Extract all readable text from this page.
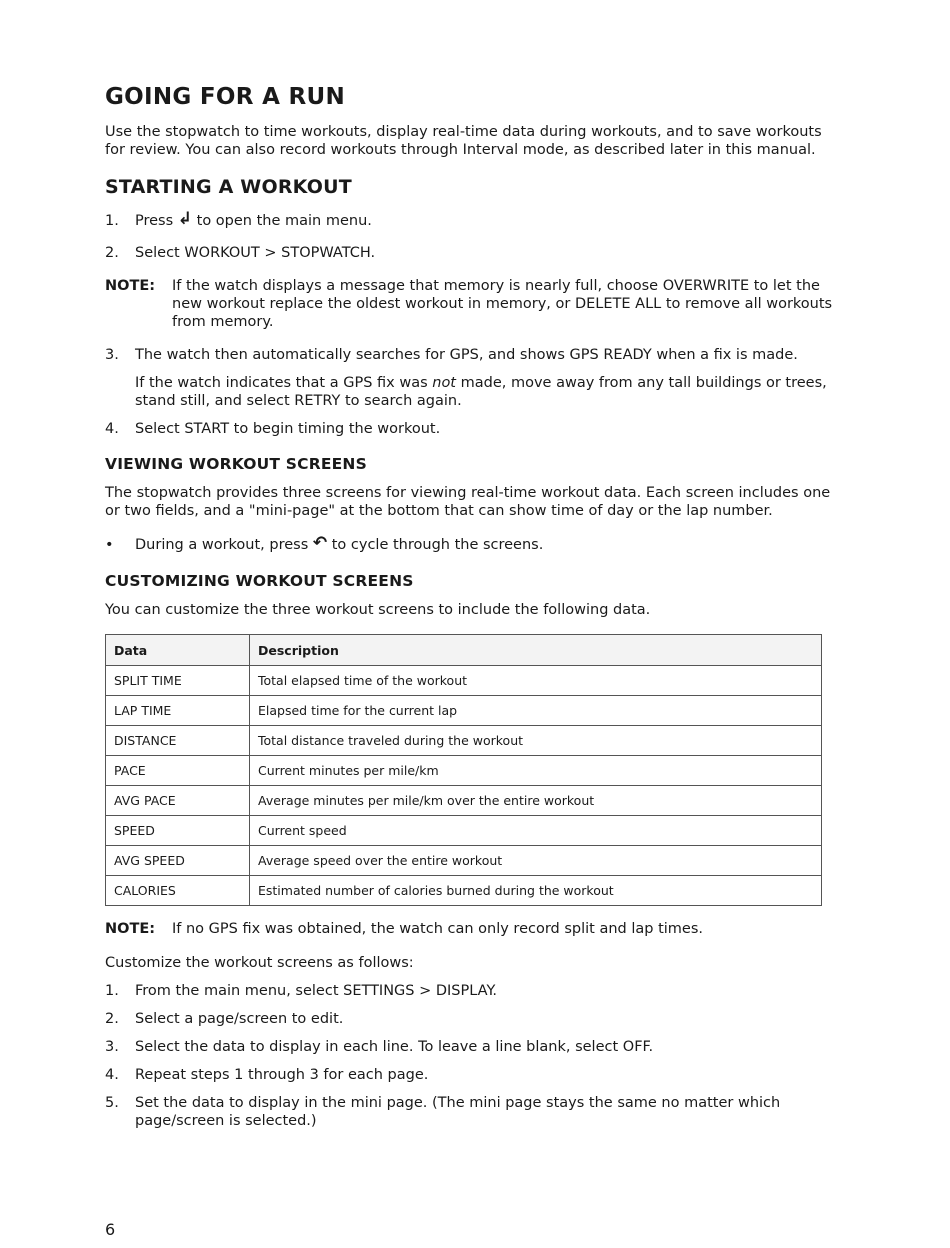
GOING FOR A RUN

Use the stopwatch to time workouts, display real-time data during workouts, and to save workouts for review. You can also record workouts through Interval mode, as described later in this manual.

STARTING A WORKOUT
1. Press ↲ to open the main menu.
2. Select WORKOUT > STOPWATCH.
NOTE: If the watch displays a message that memory is nearly full, choose OVERWRITE to let the new workout replace the oldest workout in memory, or DELETE ALL to remove all workouts from memory.
3. The watch then automatically searches for GPS, and shows GPS READY when a fix is made.
If the watch indicates that a GPS fix was not made, move away from any tall buildings or trees, stand still, and select RETRY to search again.
4. Select START to begin timing the workout.
VIEWING WORKOUT SCREENS

The stopwatch provides three screens for viewing real-time workout data. Each screen includes one or two fields, and a "mini-page" at the bottom that can show time of day or the lap number.

• During a workout, press ↶ to cycle through the screens.
CUSTOMIZING WORKOUT SCREENS

You can customize the three workout screens to include the following data.

Data	Description
SPLIT TIME	Total elapsed time of the workout
LAP TIME	Elapsed time for the current lap
DISTANCE	Total distance traveled during the workout
PACE	Current minutes per mile/km
AVG PACE	Average minutes per mile/km over the entire workout
SPEED	Current speed
AVG SPEED	Average speed over the entire workout
CALORIES	Estimated number of calories burned during the workout
NOTE: If no GPS fix was obtained, the watch can only record split and lap times.

Customize the workout screens as follows:

1. From the main menu, select SETTINGS > DISPLAY.
2. Select a page/screen to edit.
3. Select the data to display in each line. To leave a line blank, select OFF.
4. Repeat steps 1 through 3 for each page.
5. Set the data to display in the mini page. (The mini page stays the same no matter which page/screen is selected.)
6
